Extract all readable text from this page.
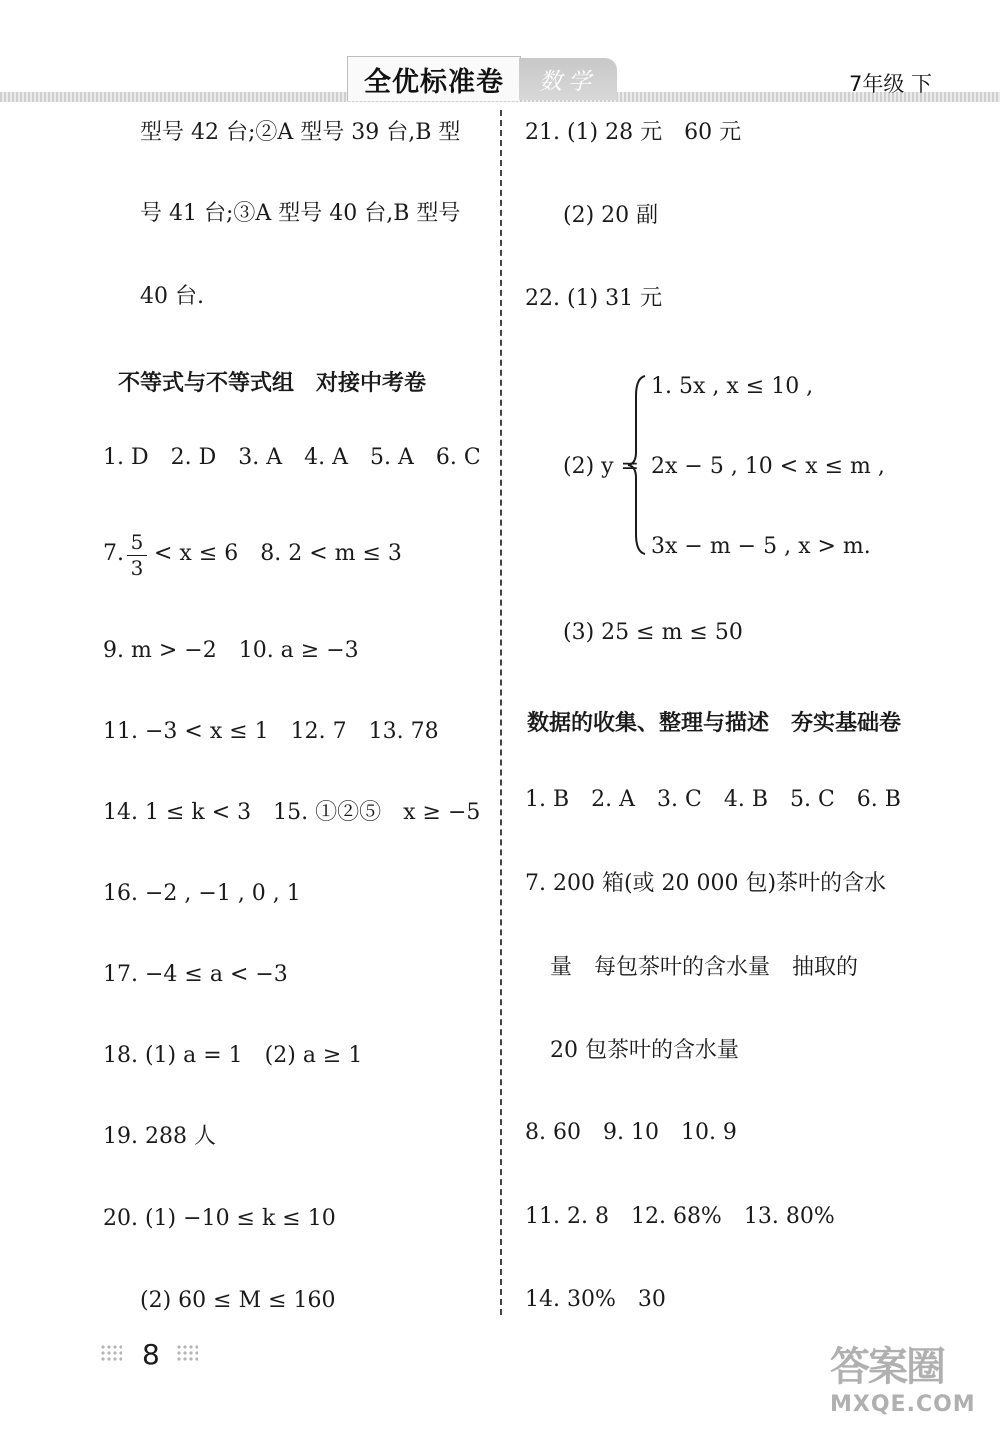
全优标准卷	数学	7年级 下
型号 42 台;②A 型号 39 台,B 型
号 41 台;③A 型号 40 台,B 型号
40 台.
不等式与不等式组　对接中考卷
1. D　2. D　3. A　4. A　5. A　6. C
7. 5
3
< x ≤ 6　8. 2 < m ≤ 3
9. m > −2　10. a ≥ −3
11. −3 < x ≤ 1　12. 7　13. 78
14. 1 ≤ k < 3　15. ①②⑤　x ≥ −5
16. −2 , −1 , 0 , 1
17. −4 ≤ a < −3
18. (1) a = 1　(2) a ≥ 1
19. 288 人
20. (1) −10 ≤ k ≤ 10
(2) 60 ≤ M ≤ 160
21. (1) 28 元　60 元
(2) 20 副
22. (1) 31 元
(2) y =
1. 5x , x ≤ 10 ,
2x − 5 , 10 < x ≤ m ,
3x − m − 5 , x > m.
(3) 25 ≤ m ≤ 50
数据的收集、整理与描述　夯实基础卷
1. B　2. A　3. C　4. B　5. C　6. B
7. 200 箱(或 20 000 包)茶叶的含水
量　每包茶叶的含水量　抽取的
20 包茶叶的含水量
8. 60　9. 10　10. 9
11. 2. 8　12. 68%　13. 80%
14. 30%　30
8	答案圈
MXQE.COM
